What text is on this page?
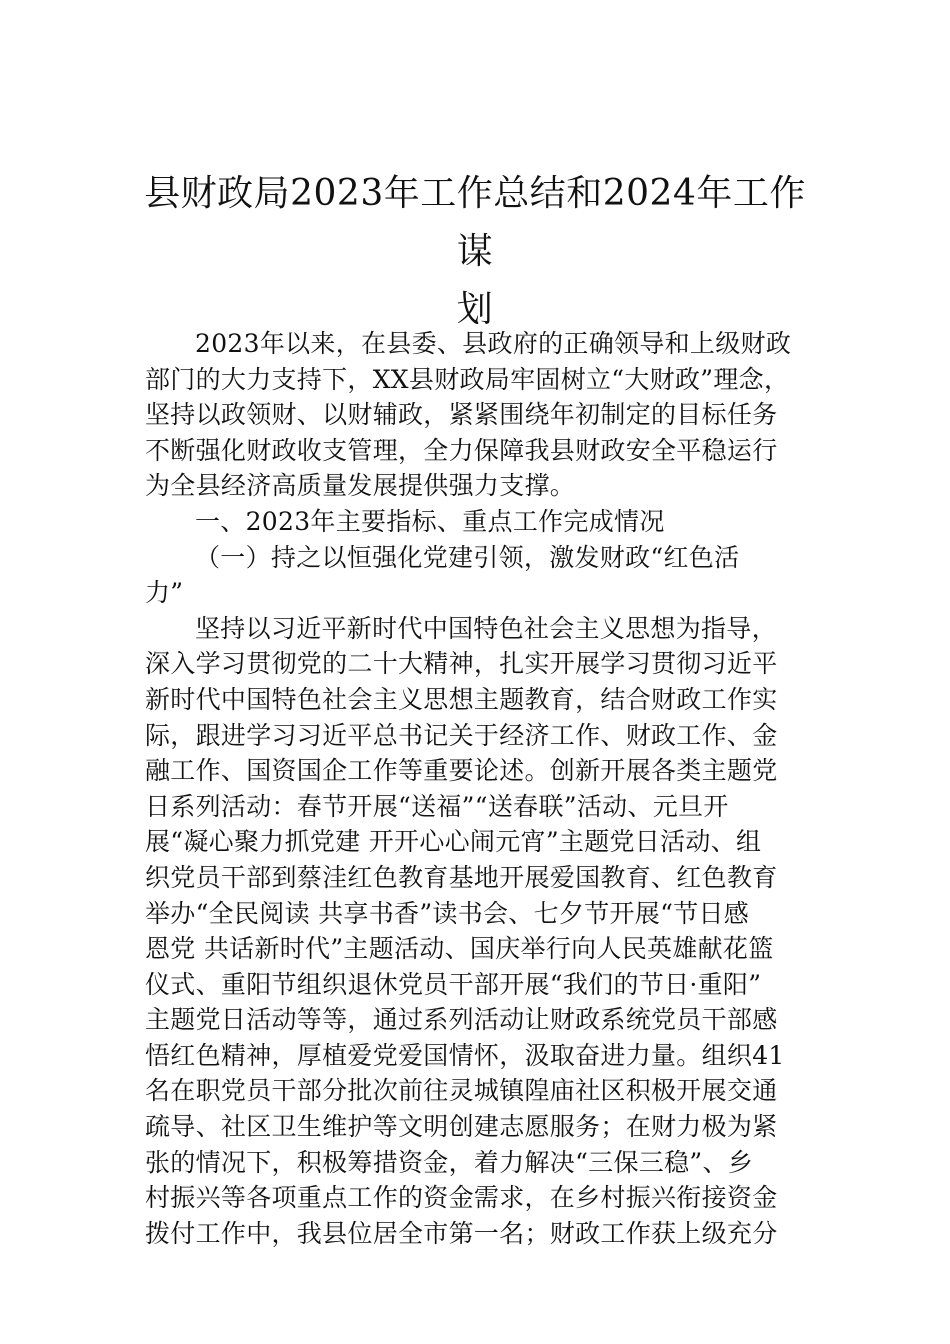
县财政局2023年工作总结和2024年工作谋
划
2023年以来，在县委、县政府的正确领导和上级财政
部门的大力支持下，XX县财政局牢固树立“大财政”理念，
坚持以政领财、以财辅政，紧紧围绕年初制定的目标任务
不断强化财政收支管理，全力保障我县财政安全平稳运行
为全县经济高质量发展提供强力支撑。
一、2023年主要指标、重点工作完成情况
（一）持之以恒强化党建引领，激发财政“红色活
力”
坚持以习近平新时代中国特色社会主义思想为指导，
深入学习贯彻党的二十大精神，扎实开展学习贯彻习近平
新时代中国特色社会主义思想主题教育，结合财政工作实
际，跟进学习习近平总书记关于经济工作、财政工作、金
融工作、国资国企工作等重要论述。创新开展各类主题党
日系列活动：春节开展“送福”“送春联”活动、元旦开
展“凝心聚力抓党建 开开心心闹元宵”主题党日活动、组
织党员干部到蔡洼红色教育基地开展爱国教育、红色教育
举办“全民阅读 共享书香”读书会、七夕节开展“节日感
恩党 共话新时代”主题活动、国庆举行向人民英雄献花篮
仪式、重阳节组织退休党员干部开展“我们的节日·重阳”
主题党日活动等等，通过系列活动让财政系统党员干部感
悟红色精神，厚植爱党爱国情怀，汲取奋进力量。组织41
名在职党员干部分批次前往灵城镇隍庙社区积极开展交通
疏导、社区卫生维护等文明创建志愿服务；在财力极为紧
张的情况下，积极筹措资金，着力解决“三保三稳”、乡
村振兴等各项重点工作的资金需求，在乡村振兴衔接资金
拨付工作中，我县位居全市第一名；财政工作获上级充分
